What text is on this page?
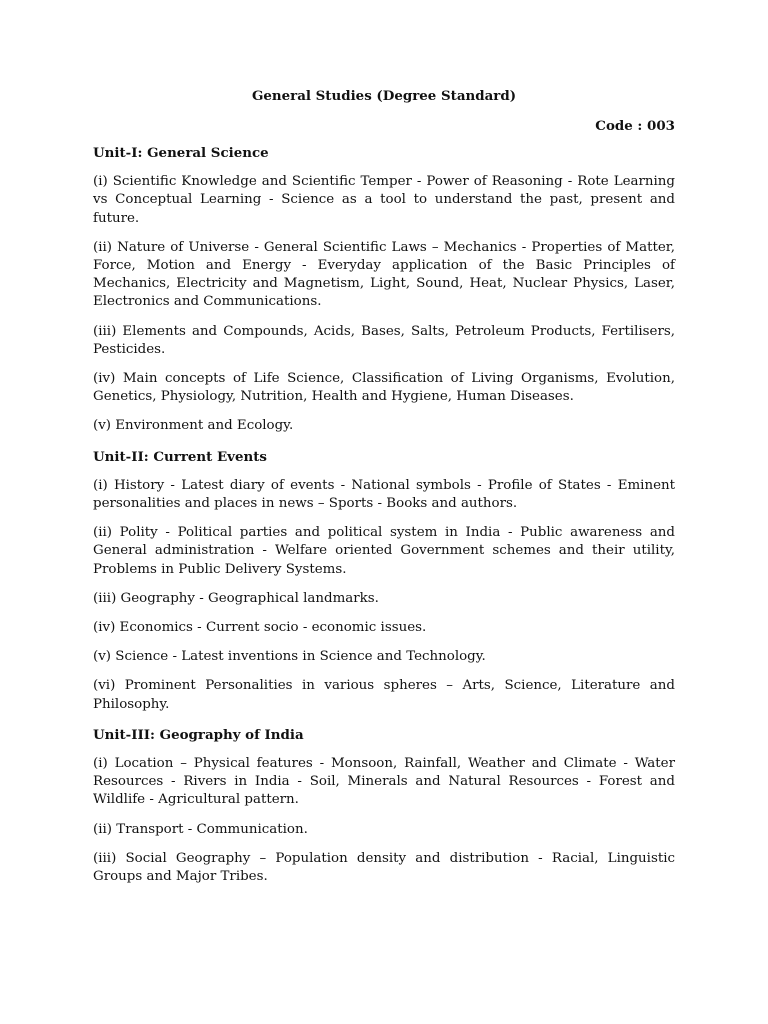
General Studies (Degree Standard)

Code : 003

Unit-I: General Science

(i) Scientific Knowledge and Scientific Temper - Power of Reasoning - Rote Learning vs Conceptual Learning - Science as a tool to understand the past, present and future.

(ii) Nature of Universe - General Scientific Laws – Mechanics - Properties of Matter, Force, Motion and Energy - Everyday application of the Basic Principles of Mechanics, Electricity and Magnetism, Light, Sound, Heat, Nuclear Physics, Laser, Electronics and Communications.

(iii) Elements and Compounds, Acids, Bases, Salts, Petroleum Products, Fertilisers, Pesticides.

(iv) Main concepts of Life Science, Classification of Living Organisms, Evolution, Genetics, Physiology, Nutrition, Health and Hygiene, Human Diseases.

(v) Environment and Ecology.

Unit-II: Current Events

(i) History - Latest diary of events - National symbols - Profile of States - Eminent personalities and places in news – Sports - Books and authors.

(ii) Polity - Political parties and political system in India - Public awareness and General administration - Welfare oriented Government schemes and their utility, Problems in Public Delivery Systems.

(iii) Geography - Geographical landmarks.

(iv) Economics - Current socio - economic issues.

(v) Science - Latest inventions in Science and Technology.

(vi) Prominent Personalities in various spheres – Arts, Science, Literature and Philosophy.

Unit-III: Geography of India

(i) Location – Physical features - Monsoon, Rainfall, Weather and Climate - Water Resources - Rivers in India - Soil, Minerals and Natural Resources - Forest and Wildlife - Agricultural pattern.

(ii) Transport - Communication.

(iii) Social Geography – Population density and distribution - Racial, Linguistic Groups and Major Tribes.
